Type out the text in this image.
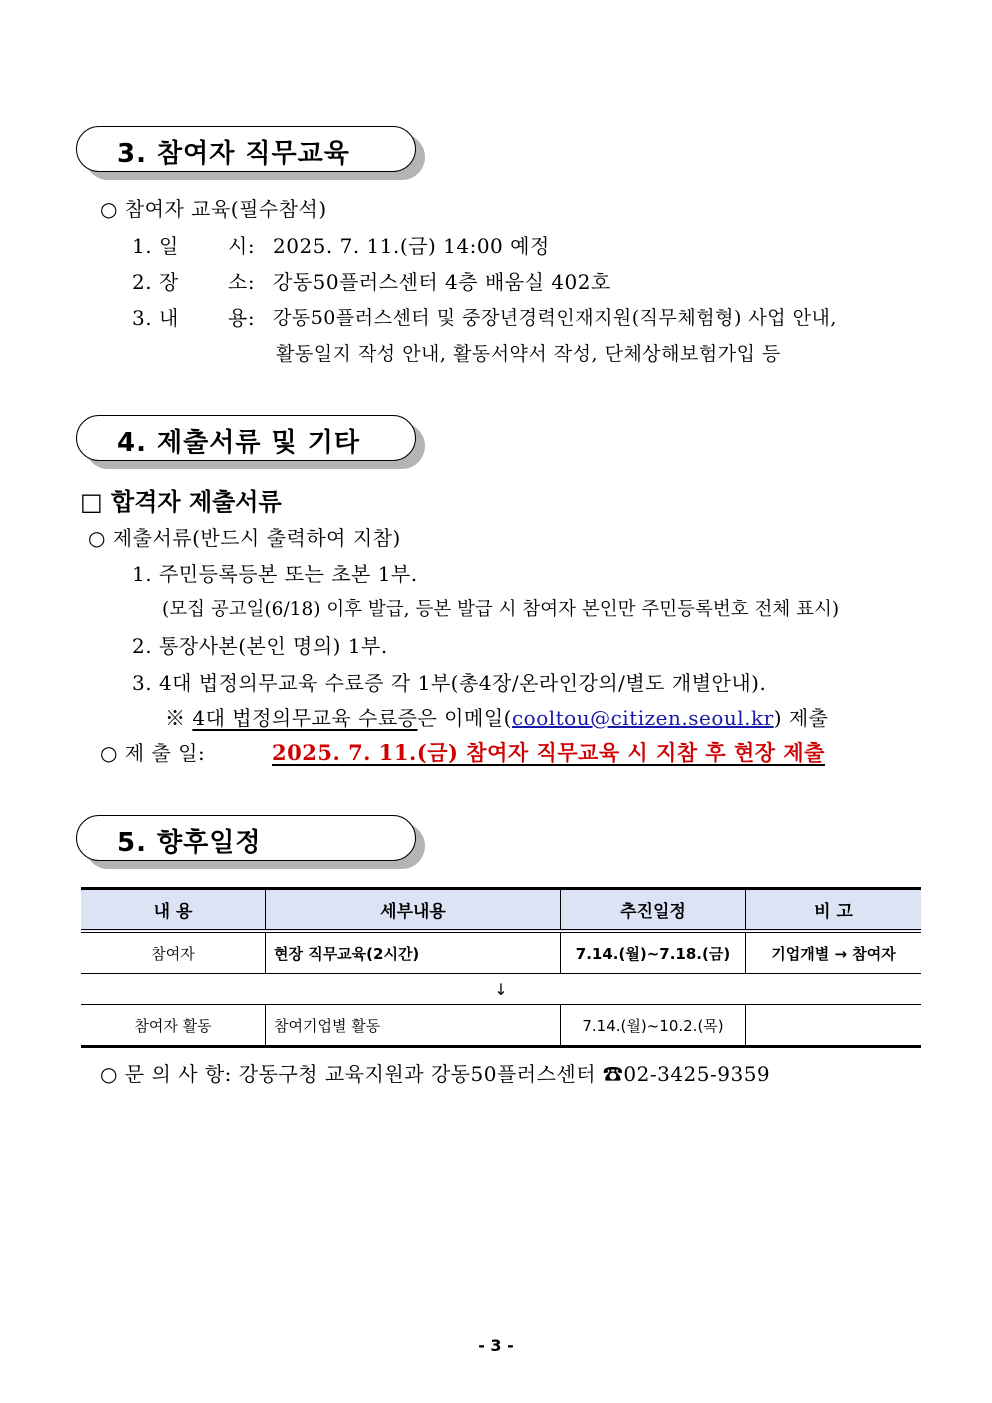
3. 참여자 직무교육
○ 참여자 교육(필수참석)
1. 일 시: 2025. 7. 11.(금) 14:00 예정
2. 장 소: 강동50플러스센터 4층 배움실 402호
3. 내 용: 강동50플러스센터 및 중장년경력인재지원(직무체험형) 사업 안내,
활동일지 작성 안내, 활동서약서 작성, 단체상해보험가입 등
4. 제출서류 및 기타
□ 합격자 제출서류
○ 제출서류(반드시 출력하여 지참)
1. 주민등록등본 또는 초본 1부.
(모집 공고일(6/18) 이후 발급, 등본 발급 시 참여자 본인만 주민등록번호 전체 표시)
2. 통장사본(본인 명의) 1부.
3. 4대 법정의무교육 수료증 각 1부(총4장/온라인강의/별도 개별안내).
※ 4대 법정의무교육 수료증은 이메일(cooltou@citizen.seoul.kr) 제출
○ 제 출 일:	2025. 7. 11.(금) 참여자 직무교육 시 지참 후 현장 제출
5. 향후일정
내 용	세부내용	추진일정	비 고
참여자	현장 직무교육(2시간)	7.14.(월)~7.18.(금)	기업개별 → 참여자
↓			
참여자 활동	참여기업별 활동	7.14.(월)~10.2.(목)	
○ 문 의 사 항: 강동구청 교육지원과 강동50플러스센터 ☎02-3425-9359
- 3 -
